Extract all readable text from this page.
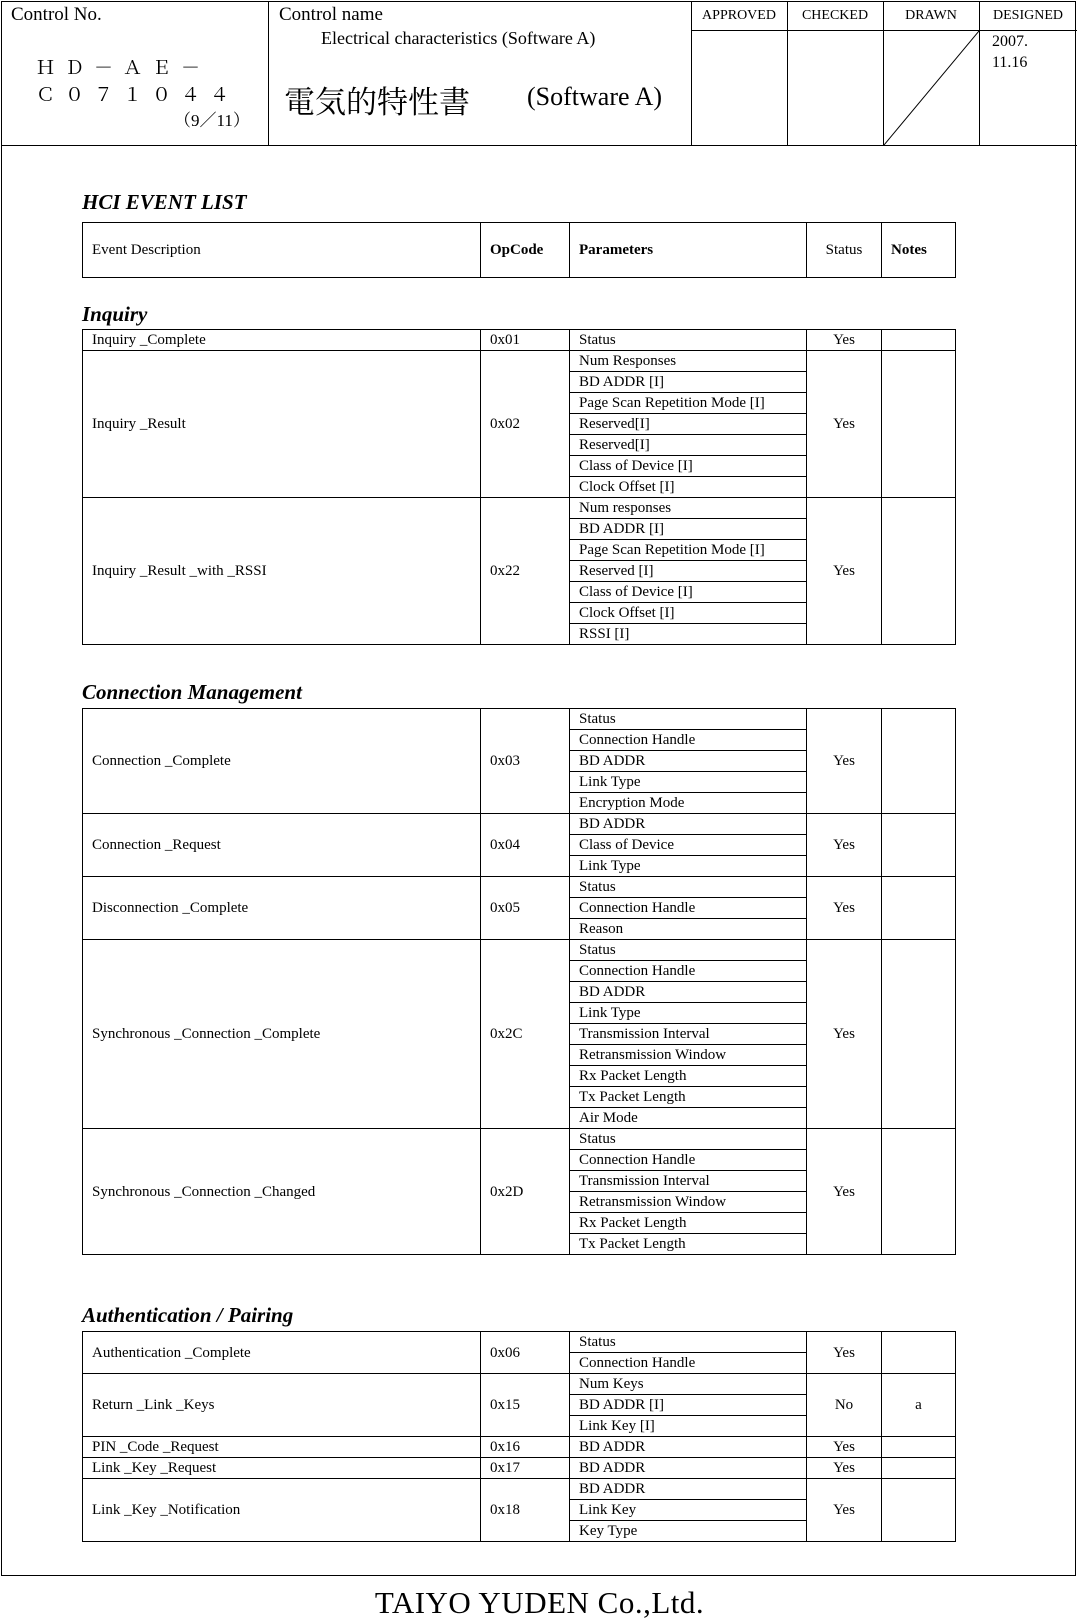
Control No.
ＨＤ－ＡＥ－
Ｃ０７１０４４
（9／11）
Control name
Electrical characteristics (Software A)
電気的特性書 (Software A)
APPROVED	CHECKED	DRAWN	DESIGNED
2007.
11.16
HCI EVENT LIST
Event Description	OpCode	Parameters	Status	Notes
Inquiry
Inquiry _Complete	0x01	Status	Yes	
Inquiry _Result	0x02	Num Responses	Yes	
		BD ADDR [I]		
		Page Scan Repetition Mode [I]		
		Reserved[I]		
		Reserved[I]		
		Class of Device [I]		
		Clock Offset [I]		
Inquiry _Result _with _RSSI	0x22	Num responses	Yes	
		BD ADDR [I]		
		Page Scan Repetition Mode [I]		
		Reserved [I]		
		Class of Device [I]		
		Clock Offset [I]		
		RSSI [I]		
Connection Management
Connection _Complete	0x03	Status	Yes	
		Connection Handle		
		BD ADDR		
		Link Type		
		Encryption Mode		
Connection _Request	0x04	BD ADDR	Yes	
		Class of Device		
		Link Type		
Disconnection _Complete	0x05	Status	Yes	
		Connection Handle		
		Reason		
Synchronous _Connection _Complete	0x2C	Status	Yes	
		Connection Handle		
		BD ADDR		
		Link Type		
		Transmission Interval		
		Retransmission Window		
		Rx Packet Length		
		Tx Packet Length		
		Air Mode		
Synchronous _Connection _Changed	0x2D	Status	Yes	
		Connection Handle		
		Transmission Interval		
		Retransmission Window		
		Rx Packet Length		
		Tx Packet Length		
Authentication / Pairing
Authentication _Complete	0x06	Status	Yes	
		Connection Handle		
Return _Link _Keys	0x15	Num Keys	No	a
		BD ADDR [I]		
		Link Key [I]		
PIN _Code _Request	0x16	BD ADDR	Yes	
Link _Key _Request	0x17	BD ADDR	Yes	
Link _Key _Notification	0x18	BD ADDR	Yes	
		Link Key		
		Key Type		
TAIYO YUDEN Co.,Ltd.
